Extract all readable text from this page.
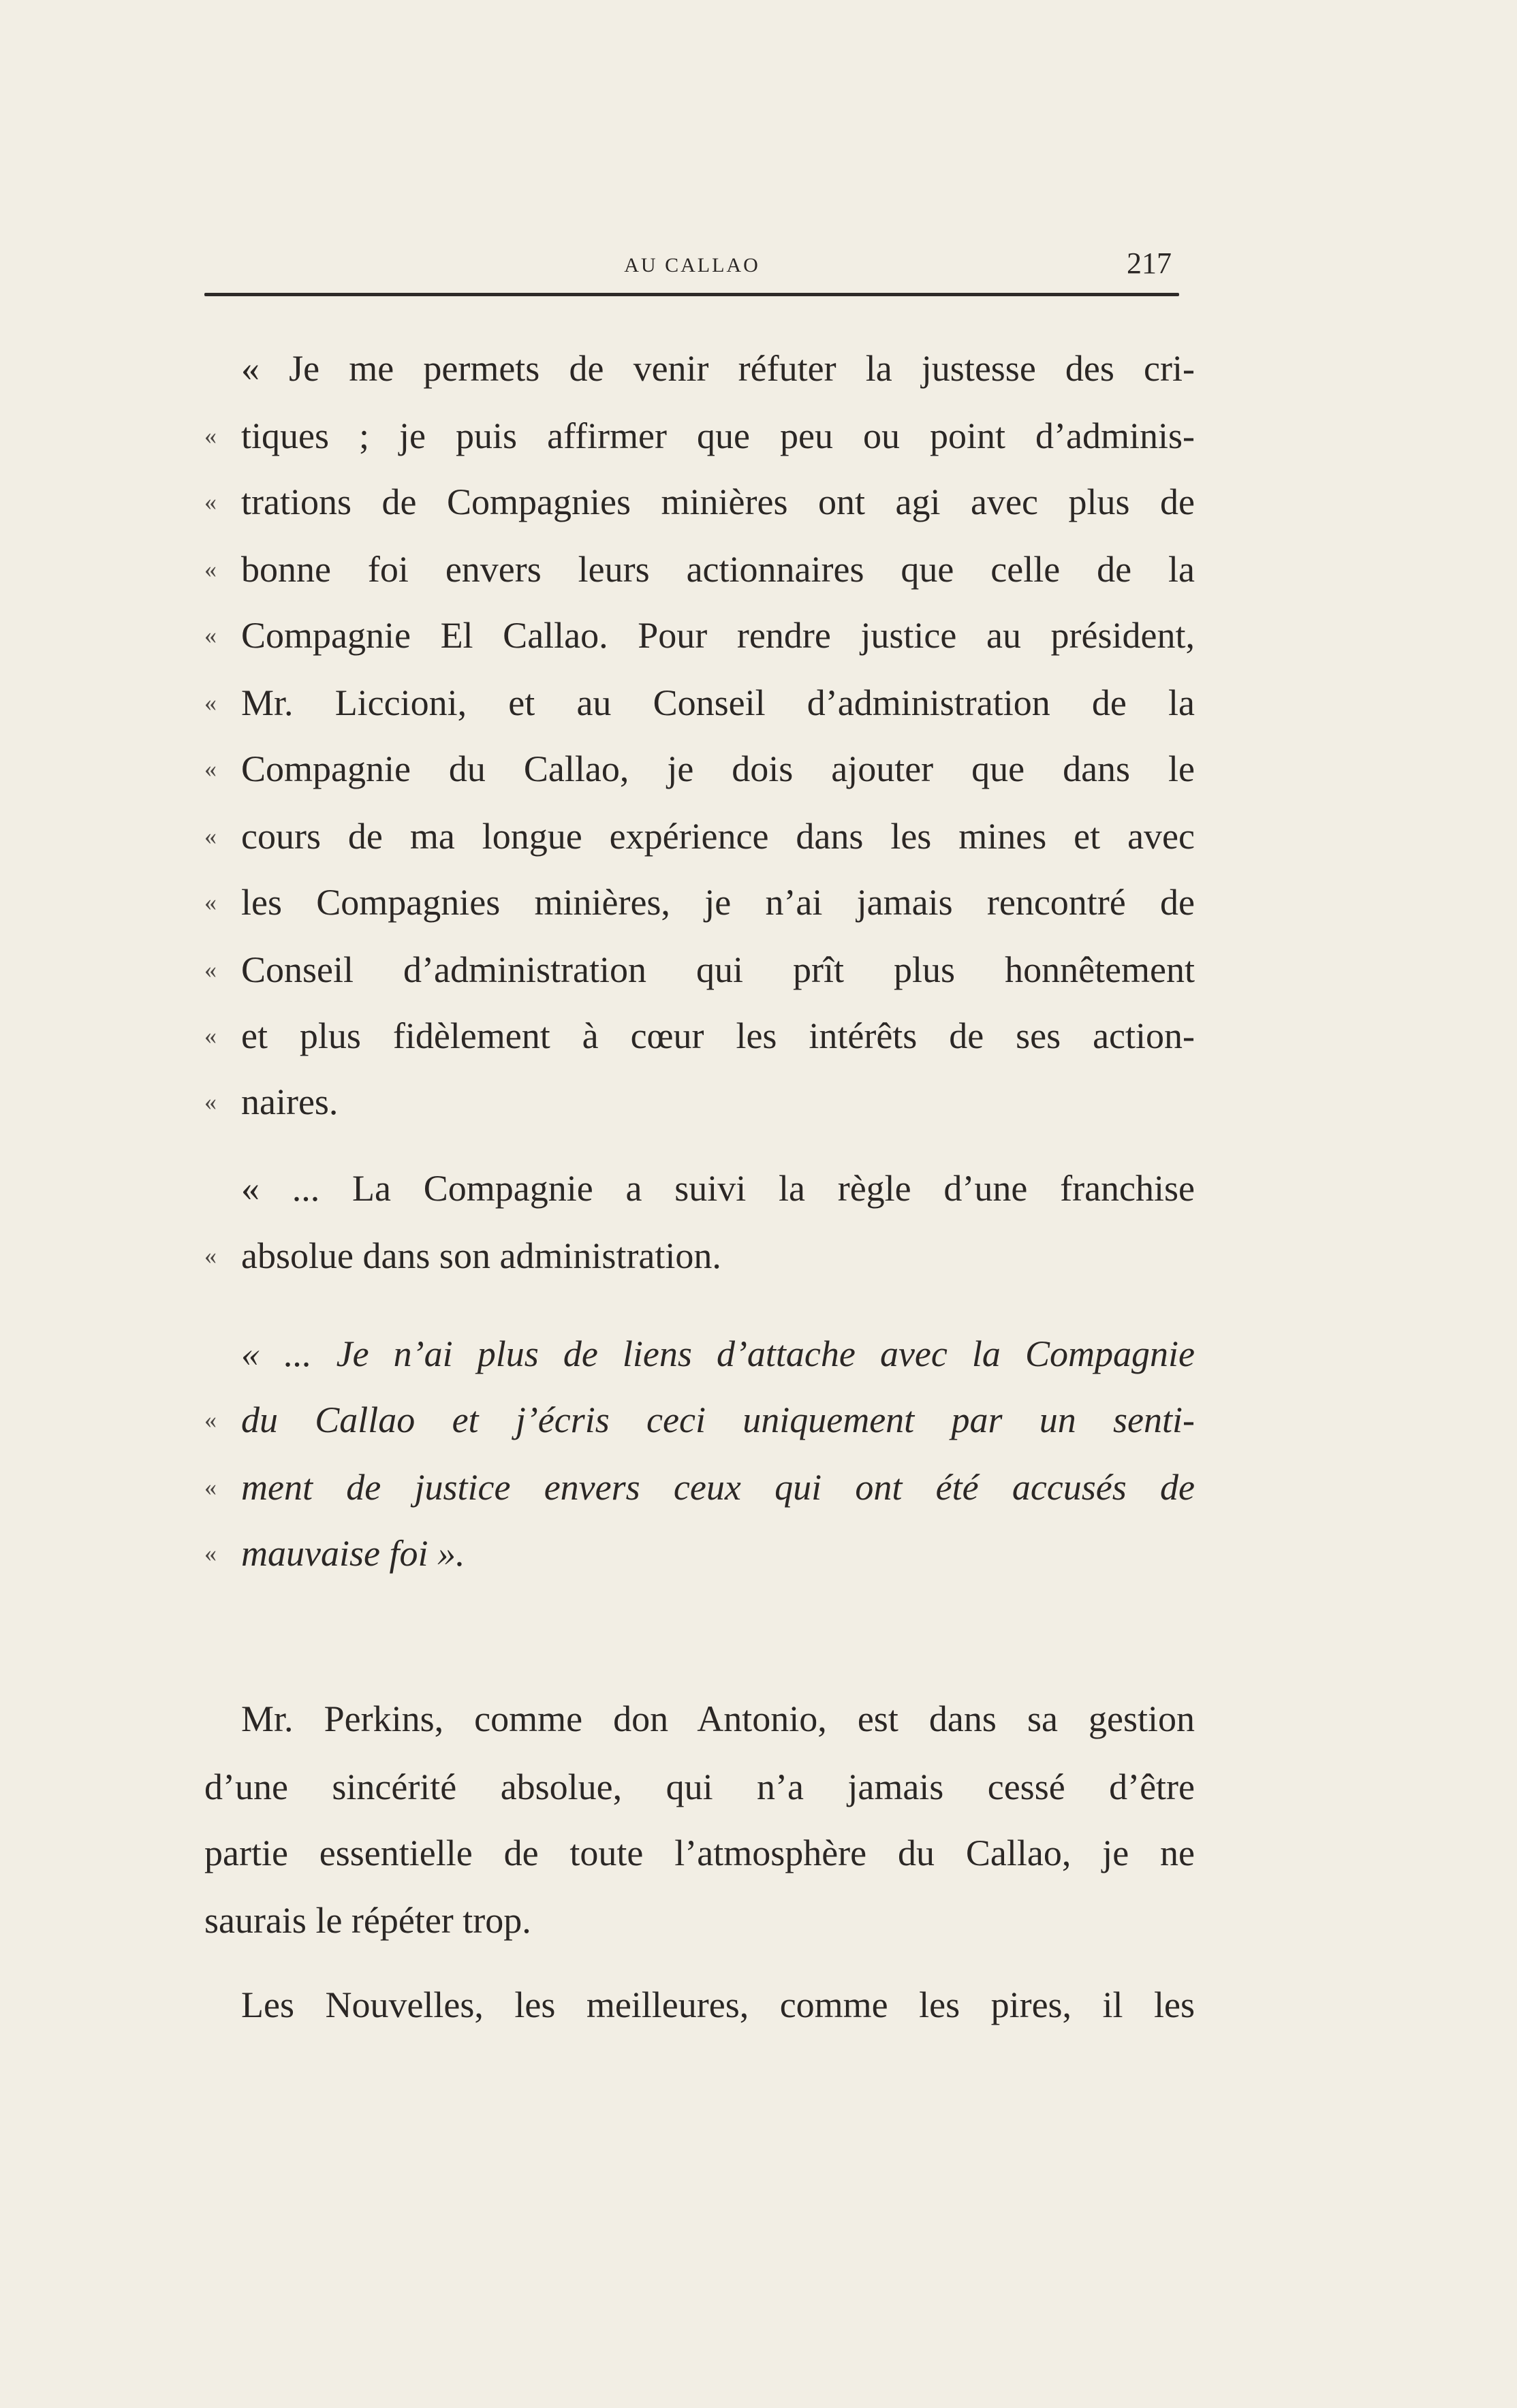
AU CALLAO	217
« Je me permets de venir réfuter la justesse des cri-
« tiques ; je puis affirmer que peu ou point d’adminis-
« trations de Compagnies minières ont agi avec plus de
« bonne foi envers leurs actionnaires que celle de la
« Compagnie El Callao. Pour rendre justice au président,
« Mr. Liccioni, et au Conseil d’administration de la
« Compagnie du Callao, je dois ajouter que dans le
« cours de ma longue expérience dans les mines et avec
« les Compagnies minières, je n’ai jamais rencontré de
« Conseil d’administration qui prît plus honnêtement
« et plus fidèlement à cœur les intérêts de ses action-
« naires.
« ... La Compagnie a suivi la règle d’une franchise
« absolue dans son administration.
« ... Je n’ai plus de liens d’attache avec la Compagnie
« du Callao et j’écris ceci uniquement par un senti-
« ment de justice envers ceux qui ont été accusés de
« mauvaise foi ».
Mr. Perkins, comme don Antonio, est dans sa gestion
d’une sincérité absolue, qui n’a jamais cessé d’être
partie essentielle de toute l’atmosphère du Callao, je ne
saurais le répéter trop.
Les Nouvelles, les meilleures, comme les pires, il les
